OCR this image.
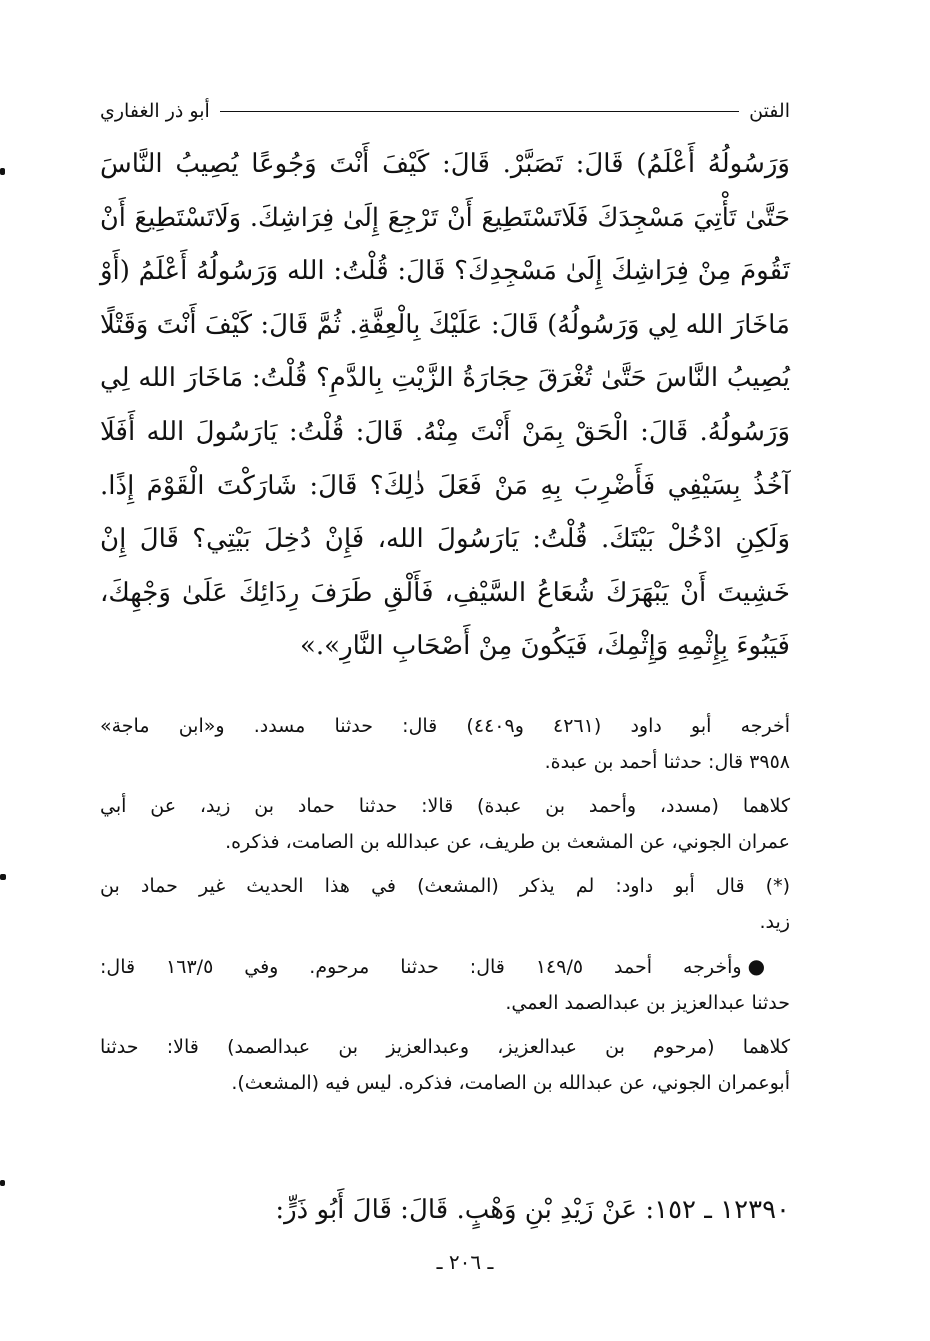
الفتن
أبو ذر الغفاري
وَرَسُولُهُ أَعْلَمُ) قَالَ: تَصَبَّرْ. قَالَ: كَيْفَ أَنْتَ وَجُوعًا يُصِيبُ النَّاسَ
حَتَّىٰ تَأْتِيَ مَسْجِدَكَ فَلَاتَسْتَطِيعَ أَنْ تَرْجِعَ إِلَىٰ فِرَاشِكَ. وَلَاتَسْتَطِيعَ أَنْ
تَقُومَ مِنْ فِرَاشِكَ إِلَىٰ مَسْجِدِكَ؟ قَالَ: قُلْتُ: الله وَرَسُولُهُ أَعْلَمُ (أَوْ
مَاخَارَ الله لِي وَرَسُولُهُ) قَالَ: عَلَيْكَ بِالْعِفَّةِ. ثُمَّ قَالَ: كَيْفَ أَنْتَ وَقَتْلًا
يُصِيبُ النَّاسَ حَتَّىٰ تُغْرَقَ حِجَارَةُ الزَّيْتِ بِالدَّمِ؟ قُلْتُ: مَاخَارَ الله لِي
وَرَسُولُهُ. قَالَ: الْحَقْ بِمَنْ أَنْتَ مِنْهُ. قَالَ: قُلْتُ: يَارَسُولَ الله أَفَلَا
آخُذُ بِسَيْفِي فَأَضْرِبَ بِهِ مَنْ فَعَلَ ذٰلِكَ؟ قَالَ: شَارَكْتَ الْقَوْمَ إِذًا.
وَلَكِنِ ادْخُلْ بَيْتَكَ. قُلْتُ: يَارَسُولَ الله، فَإِنْ دُخِلَ بَيْتِي؟ قَالَ إِنْ
خَشِيتَ أَنْ يَبْهَرَكَ شُعَاعُ السَّيْفِ، فَأَلْقِ طَرَفَ رِدَائِكَ عَلَىٰ وَجْهِكَ،
فَيَبُوءَ بِإِثْمِهِ وَإِثْمِكَ، فَيَكُونَ مِنْ أَصْحَابِ النَّارِ».»
أخرجه أبو داود (٤٢٦١ و٤٤٠٩) قال: حدثنا مسدد. و«ابن ماجة»
٣٩٥٨ قال: حدثنا أحمد بن عبدة.
كلاهما (مسدد، وأحمد بن عبدة) قالا: حدثنا حماد بن زيد، عن أبي
عمران الجوني، عن المشعث بن طريف، عن عبدالله بن الصامت، فذكره.
(*) قال أبو داود: لم يذكر (المشعث) في هذا الحديث غير حماد بن
زيد.
●وأخرجه أحمد ١٤٩/٥ قال: حدثنا مرحوم. وفي ١٦٣/٥ قال:
حدثنا عبدالعزيز بن عبدالصمد العمي.
كلاهما (مرحوم بن عبدالعزيز، وعبدالعزيز بن عبدالصمد) قالا: حدثنا
أبوعمران الجوني، عن عبدالله بن الصامت، فذكره. ليس فيه (المشعث).
١٢٣٩٠ ـ ١٥٢: عَنْ زَيْدِ بْنِ وَهْبٍ. قَالَ: قَالَ أَبُو ذَرٍّ:
ـ ٢٠٦ ـ
